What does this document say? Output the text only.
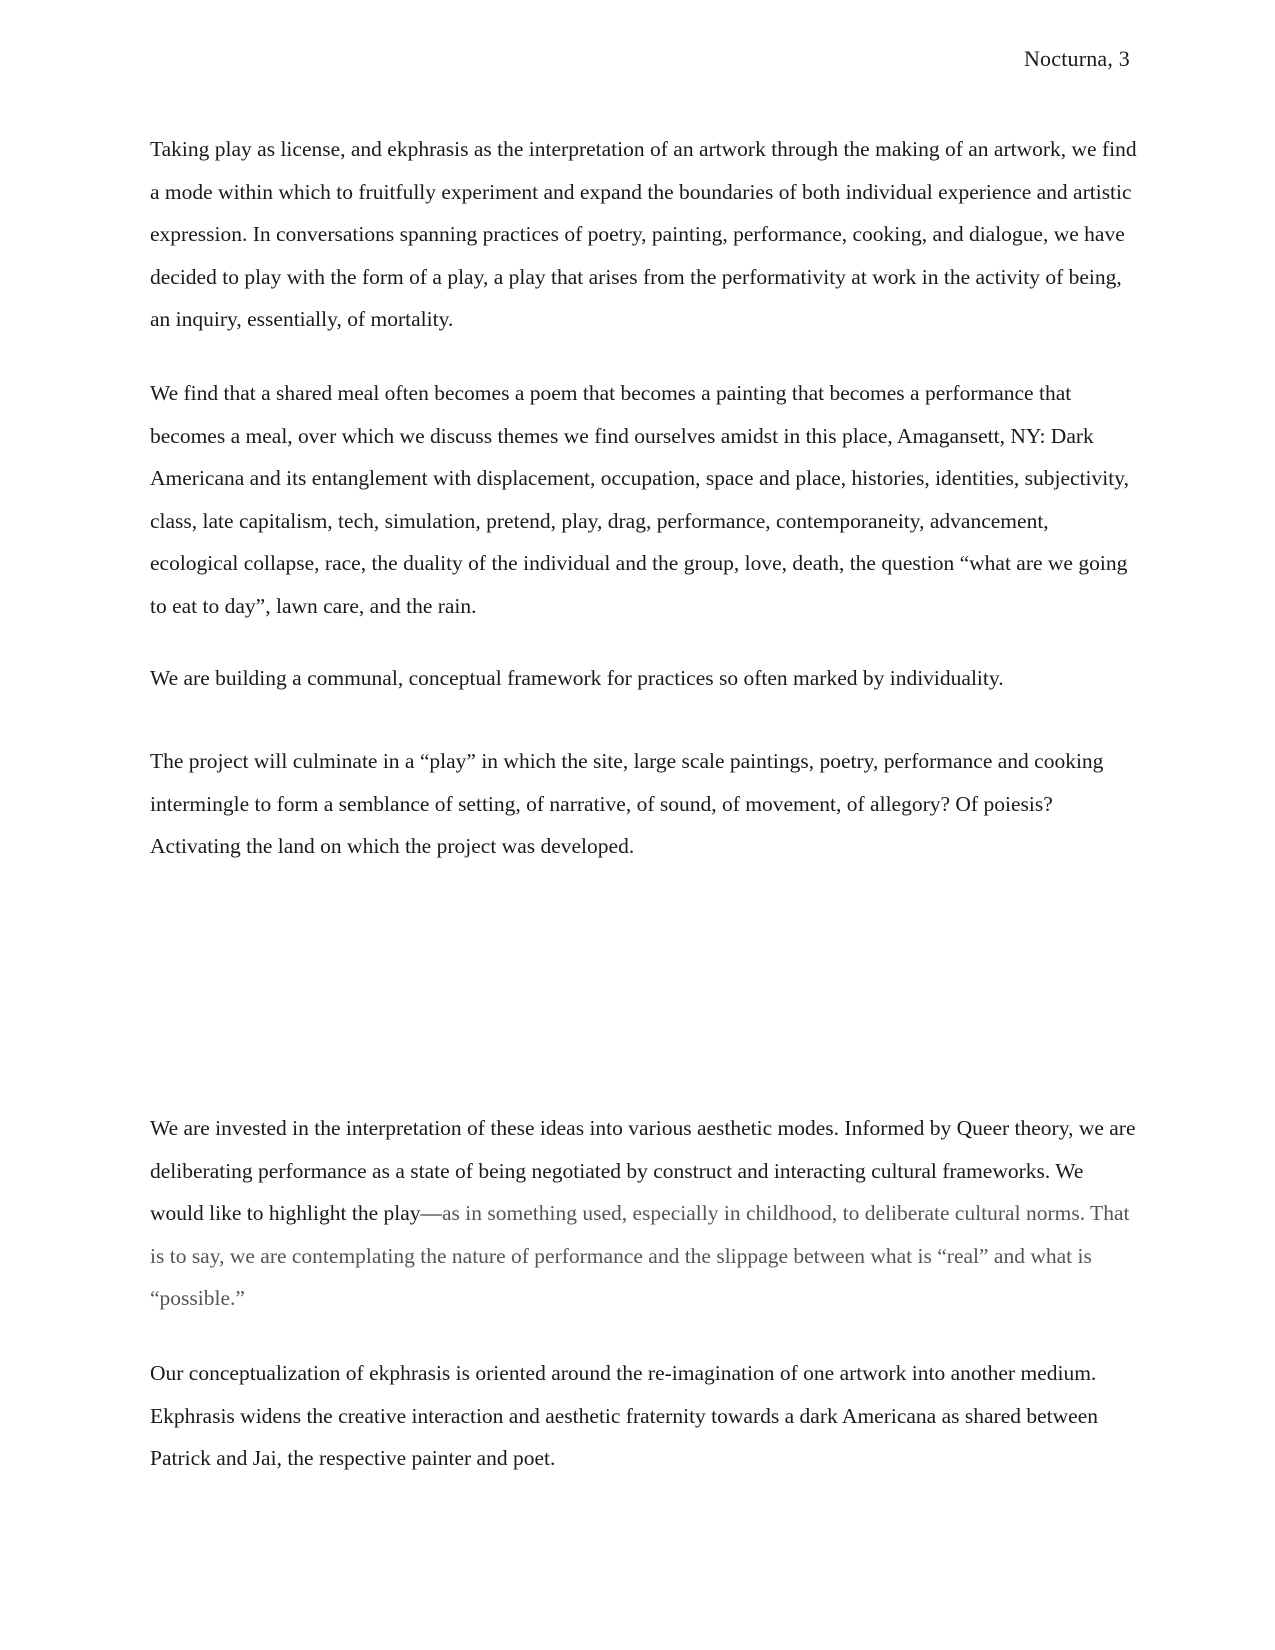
Nocturna, 3

Taking play as license, and ekphrasis as the interpretation of an artwork through the making of an artwork, we find a mode within which to fruitfully experiment and expand the boundaries of both individual experience and artistic expression. In conversations spanning practices of poetry, painting, performance, cooking, and dialogue, we have decided to play with the form of a play, a play that arises from the performativity at work in the activity of being, an inquiry, essentially, of mortality.

We find that a shared meal often becomes a poem that becomes a painting that becomes a performance that becomes a meal, over which we discuss themes we find ourselves amidst in this place, Amagansett, NY: Dark Americana and its entanglement with displacement, occupation, space and place, histories, identities, subjectivity, class, late capitalism, tech, simulation, pretend, play, drag, performance, contemporaneity, advancement, ecological collapse, race, the duality of the individual and the group, love, death, the question “what are we going to eat to day”, lawn care, and the rain.

We are building a communal, conceptual framework for practices so often marked by individuality.

The project will culminate in a “play” in which the site, large scale paintings, poetry, performance and cooking intermingle to form a semblance of setting, of narrative, of sound, of movement, of allegory? Of poiesis? Activating the land on which the project was developed.

We are invested in the interpretation of these ideas into various aesthetic modes. Informed by Queer theory, we are deliberating performance as a state of being negotiated by construct and interacting cultural frameworks. We would like to highlight the play—as in something used, especially in childhood, to deliberate cultural norms. That is to say, we are contemplating the nature of performance and the slippage between what is “real” and what is “possible.”

Our conceptualization of ekphrasis is oriented around the re-imagination of one artwork into another medium. Ekphrasis widens the creative interaction and aesthetic fraternity towards a dark Americana as shared between Patrick and Jai, the respective painter and poet.
